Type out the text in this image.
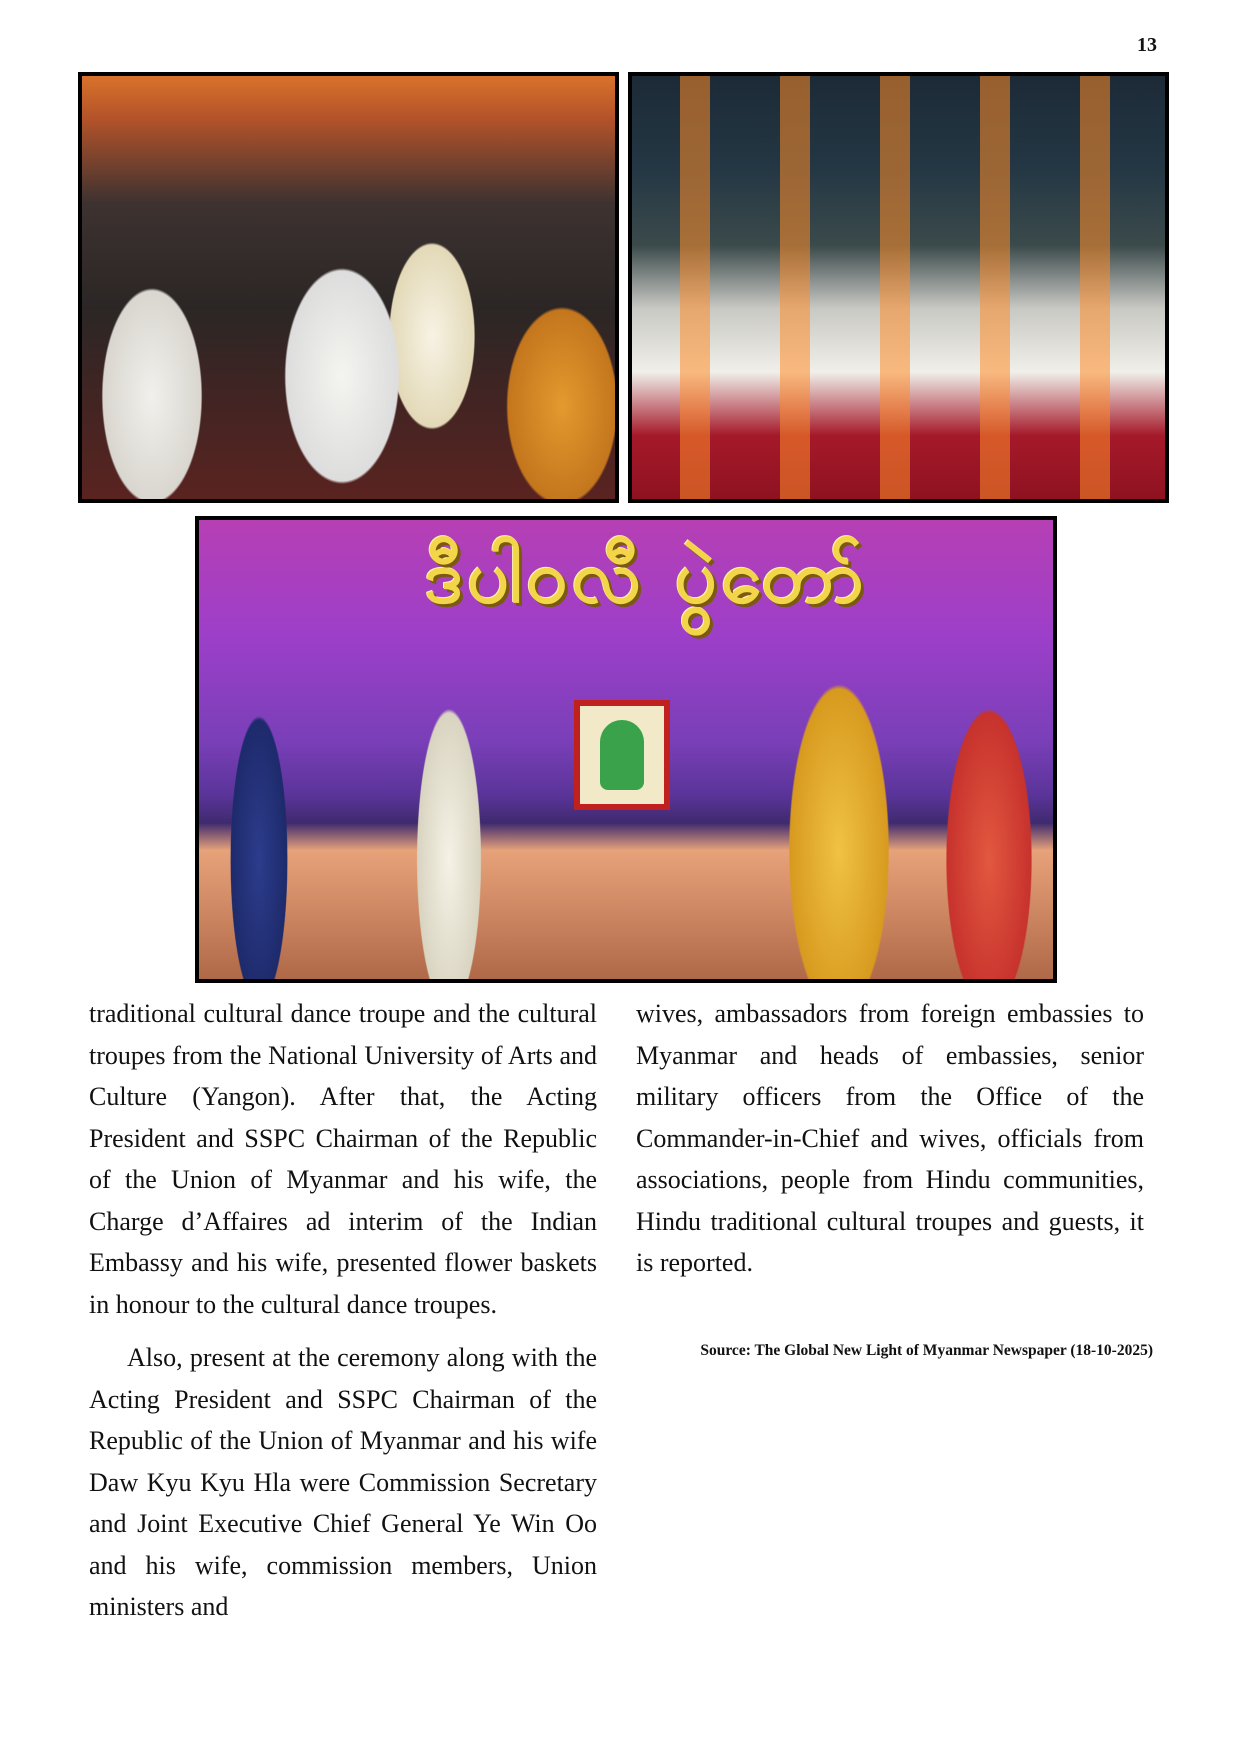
13
ဒီပါဝလီ ပွဲတော်

traditional cultural dance troupe and the cultural troupes from the National University of Arts and Culture (Yangon). After that, the Acting President and SSPC Chairman of the Republic of the Union of Myanmar and his wife, the Charge d’Affaires ad interim of the Indian Embassy and his wife, presented flower baskets in honour to the cultural dance troupes.

Also, present at the ceremony along with the Acting President and SSPC Chairman of the Republic of the Union of Myanmar and his wife Daw Kyu Kyu Hla were Commission Secretary and Joint Executive Chief General Ye Win Oo and his wife, commission members, Union ministers and

wives, ambassadors from foreign embassies to Myanmar and heads of embassies, senior military officers from the Office of the Commander-in-Chief and wives, officials from associations, people from Hindu communities, Hindu traditional cultural troupes and guests, it is reported.

Source: The Global New Light of Myanmar Newspaper (18-10-2025)
